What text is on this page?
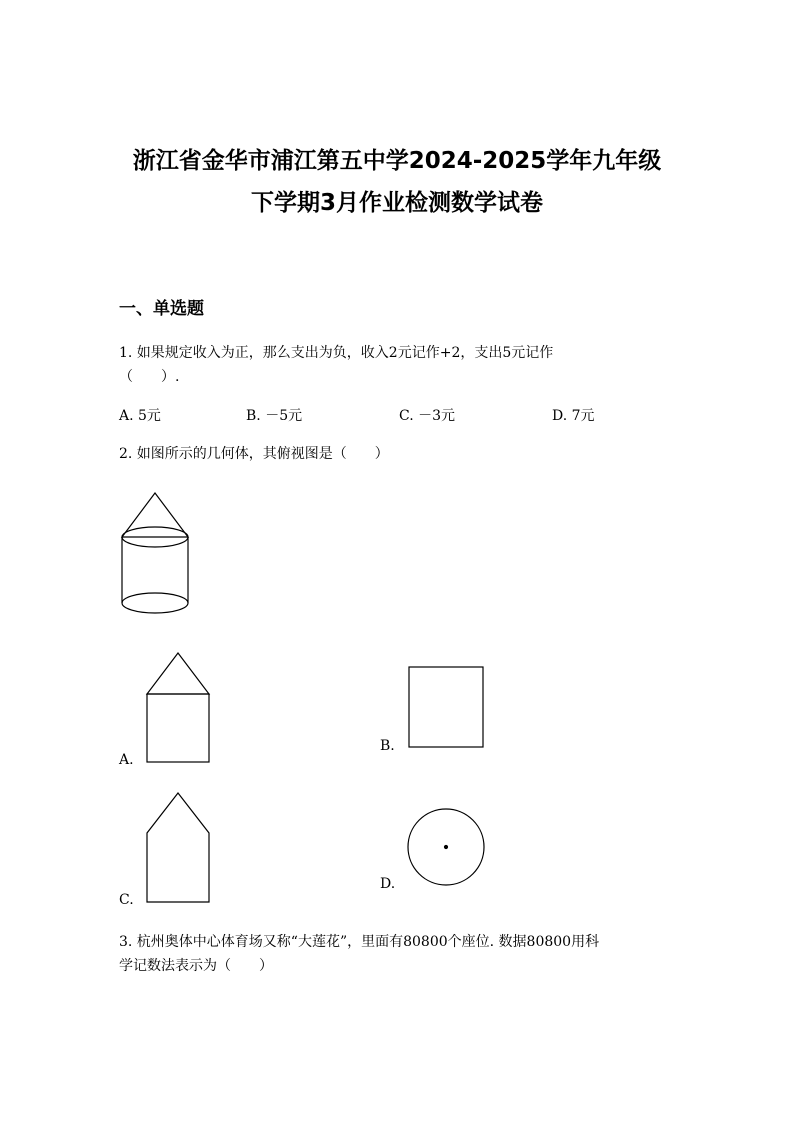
浙江省金华市浦江第五中学2024-2025学年九年级
下学期3月作业检测数学试卷
一、单选题
1. 如果规定收入为正，那么支出为负，收入2元记作+2，支出5元记作
（　　）.
A. 5元	B. －5元	C. －3元	D. 7元
2. 如图所示的几何体，其俯视图是（　　）
A.
B.
C.
D.
3. 杭州奥体中心体育场又称“大莲花”，里面有80800个座位. 数据80800用科
学记数法表示为（　　）
